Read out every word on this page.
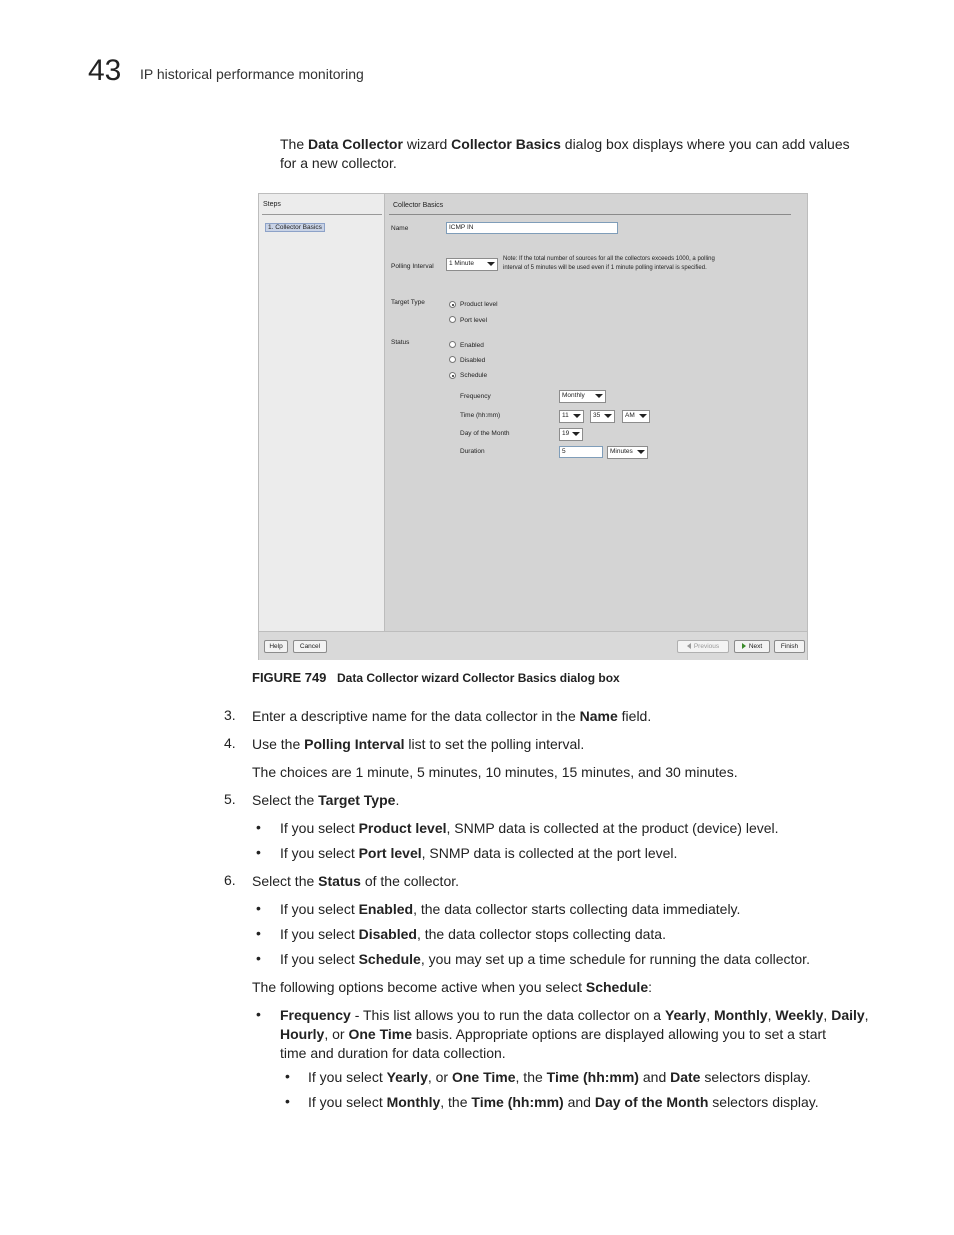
43 IP historical performance monitoring
The Data Collector wizard Collector Basics dialog box displays where you can add values
for a new collector.
Steps
1. Collector Basics
Collector Basics
Name	ICMP IN
Polling Interval	1 Minute
Note: If the total number of sources for all the collectors exceeds 1000, a polling
interval of 5 minutes will be used even if 1 minute polling interval is specified.
Target Type	Product level
Port level
Status	Enabled
Disabled
Schedule
Frequency	Monthly
Time (hh:mm)	11	35	AM
Day of the Month	19
Duration	5	Minutes
Help	Cancel	Previous	Next	Finish
FIGURE 749 Data Collector wizard Collector Basics dialog box
3. Enter a descriptive name for the data collector in the Name field.
4. Use the Polling Interval list to set the polling interval.
The choices are 1 minute, 5 minutes, 10 minutes, 15 minutes, and 30 minutes.
5. Select the Target Type.
• If you select Product level, SNMP data is collected at the product (device) level.
• If you select Port level, SNMP data is collected at the port level.
6. Select the Status of the collector.
• If you select Enabled, the data collector starts collecting data immediately.
• If you select Disabled, the data collector stops collecting data.
• If you select Schedule, you may set up a time schedule for running the data collector.
The following options become active when you select Schedule:
• Frequency - This list allows you to run the data collector on a Yearly, Monthly, Weekly, Daily,
Hourly, or One Time basis. Appropriate options are displayed allowing you to set a start
time and duration for data collection.
• If you select Yearly, or One Time, the Time (hh:mm) and Date selectors display.
• If you select Monthly, the Time (hh:mm) and Day of the Month selectors display.
